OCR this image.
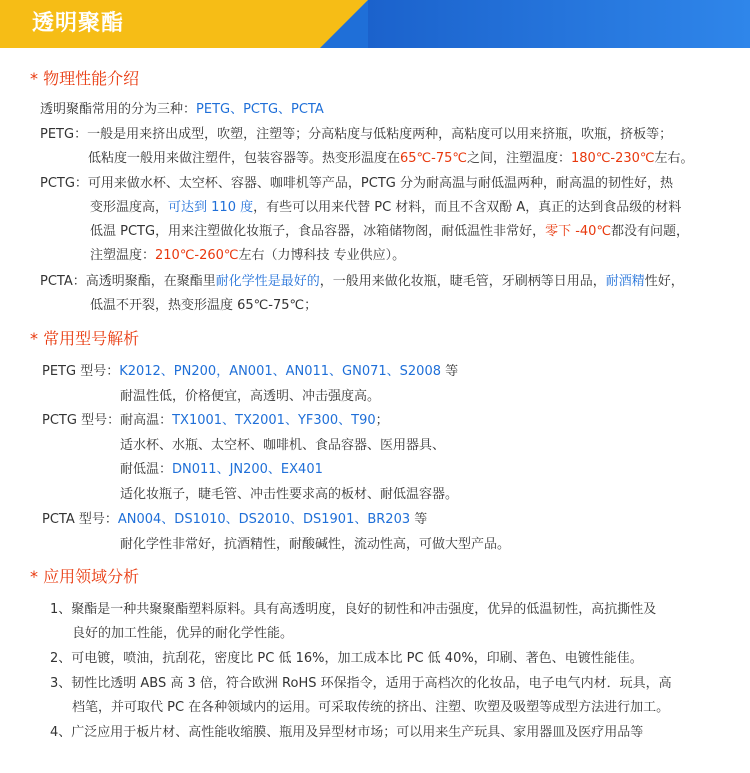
透明聚酯
* 物理性能介绍
透明聚酯常用的分为三种：PETG、PCTG、PCTA
PETG：一般是用来挤出成型，吹塑，注塑等；分高粘度与低粘度两种，高粘度可以用来挤瓶，吹瓶，挤板等；
低粘度一般用来做注塑件，包装容器等。热变形温度在65℃-75℃之间，注塑温度：180℃-230℃左右。
PCTG：可用来做水杯、太空杯、容器、咖啡机等产品，PCTG 分为耐高温与耐低温两种，耐高温的韧性好，热
变形温度高，可达到 110 度，有些可以用来代替 PC 材料，而且不含双酚 A，真正的达到食品级的材料
低温 PCTG，用来注塑做化妆瓶子，食品容器，冰箱储物阁，耐低温性非常好，零下 -40℃都没有问题，
注塑温度：210℃-260℃左右（力博科技 专业供应）。
PCTA：高透明聚酯，在聚酯里耐化学性是最好的，一般用来做化妆瓶，睫毛管，牙刷柄等日用品，耐酒精性好，
低温不开裂，热变形温度 65℃-75℃；
* 常用型号解析
PETG 型号：K2012、PN200，AN001、AN011、GN071、S2008 等
耐温性低，价格便宜，高透明、冲击强度高。
PCTG 型号：耐高温：TX1001、TX2001、YF300、T90；
适水杯、水瓶、太空杯、咖啡机、食品容器、医用器具、
耐低温：DN011、JN200、EX401
适化妆瓶子，睫毛管、冲击性要求高的板材、耐低温容器。
PCTA 型号：AN004、DS1010、DS2010、DS1901、BR203 等
耐化学性非常好，抗酒精性，耐酸碱性，流动性高，可做大型产品。
* 应用领域分析
1、聚酯是一种共聚聚酯塑料原料。具有高透明度，良好的韧性和冲击强度，优异的低温韧性，高抗撕性及
良好的加工性能，优异的耐化学性能。
2、可电镀，喷油，抗刮花，密度比 PC 低 16%，加工成本比 PC 低 40%，印刷、著色、电镀性能佳。
3、韧性比透明 ABS 高 3 倍，符合欧洲 RoHS 环保指令，适用于高档次的化妆品，电子电气内材．玩具，高
档笔，并可取代 PC 在各种领域内的运用。可采取传统的挤出、注塑、吹塑及吸塑等成型方法进行加工。
4、广泛应用于板片材、高性能收缩膜、瓶用及异型材市场；可以用来生产玩具、家用器皿及医疗用品等
